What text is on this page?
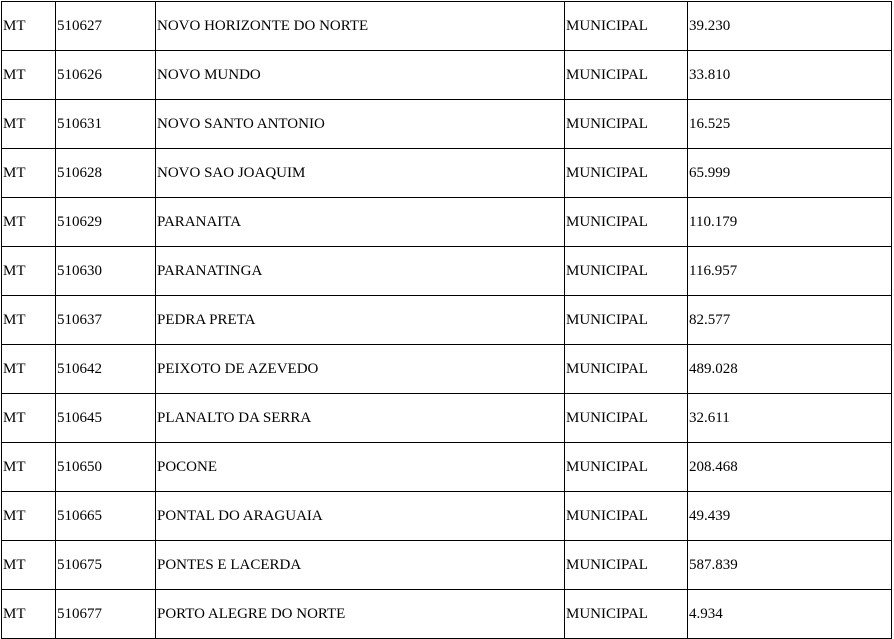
MT	510627	NOVO HORIZONTE DO NORTE	MUNICIPAL	39.230
MT	510626	NOVO MUNDO	MUNICIPAL	33.810
MT	510631	NOVO SANTO ANTONIO	MUNICIPAL	16.525
MT	510628	NOVO SAO JOAQUIM	MUNICIPAL	65.999
MT	510629	PARANAITA	MUNICIPAL	110.179
MT	510630	PARANATINGA	MUNICIPAL	116.957
MT	510637	PEDRA PRETA	MUNICIPAL	82.577
MT	510642	PEIXOTO DE AZEVEDO	MUNICIPAL	489.028
MT	510645	PLANALTO DA SERRA	MUNICIPAL	32.611
MT	510650	POCONE	MUNICIPAL	208.468
MT	510665	PONTAL DO ARAGUAIA	MUNICIPAL	49.439
MT	510675	PONTES E LACERDA	MUNICIPAL	587.839
MT	510677	PORTO ALEGRE DO NORTE	MUNICIPAL	4.934
